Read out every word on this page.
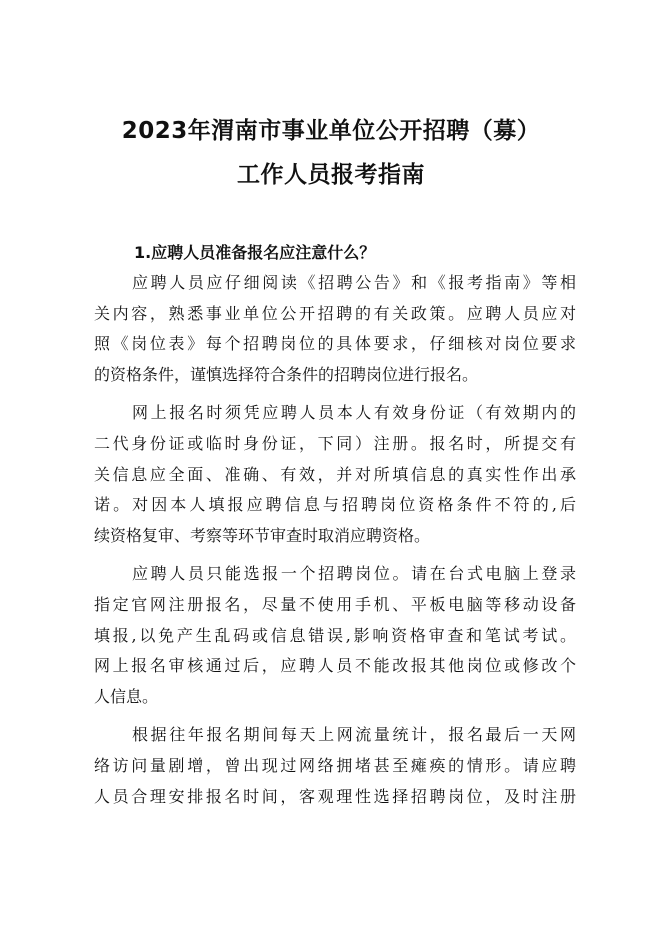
2023年渭南市事业单位公开招聘（募）
工作人员报考指南
1.应聘人员准备报名应注意什么？
应聘人员应仔细阅读《招聘公告》和《报考指南》等相
关内容，熟悉事业单位公开招聘的有关政策。应聘人员应对
照《岗位表》每个招聘岗位的具体要求，仔细核对岗位要求
的资格条件，谨慎选择符合条件的招聘岗位进行报名。
网上报名时须凭应聘人员本人有效身份证（有效期内的
二代身份证或临时身份证，下同）注册。报名时，所提交有
关信息应全面、准确、有效，并对所填信息的真实性作出承
诺。对因本人填报应聘信息与招聘岗位资格条件不符的,后
续资格复审、考察等环节审查时取消应聘资格。
应聘人员只能选报一个招聘岗位。请在台式电脑上登录
指定官网注册报名，尽量不使用手机、平板电脑等移动设备
填报,以免产生乱码或信息错误,影响资格审查和笔试考试。
网上报名审核通过后，应聘人员不能改报其他岗位或修改个
人信息。
根据往年报名期间每天上网流量统计，报名最后一天网
络访问量剧增，曾出现过网络拥堵甚至瘫痪的情形。请应聘
人员合理安排报名时间，客观理性选择招聘岗位，及时注册
